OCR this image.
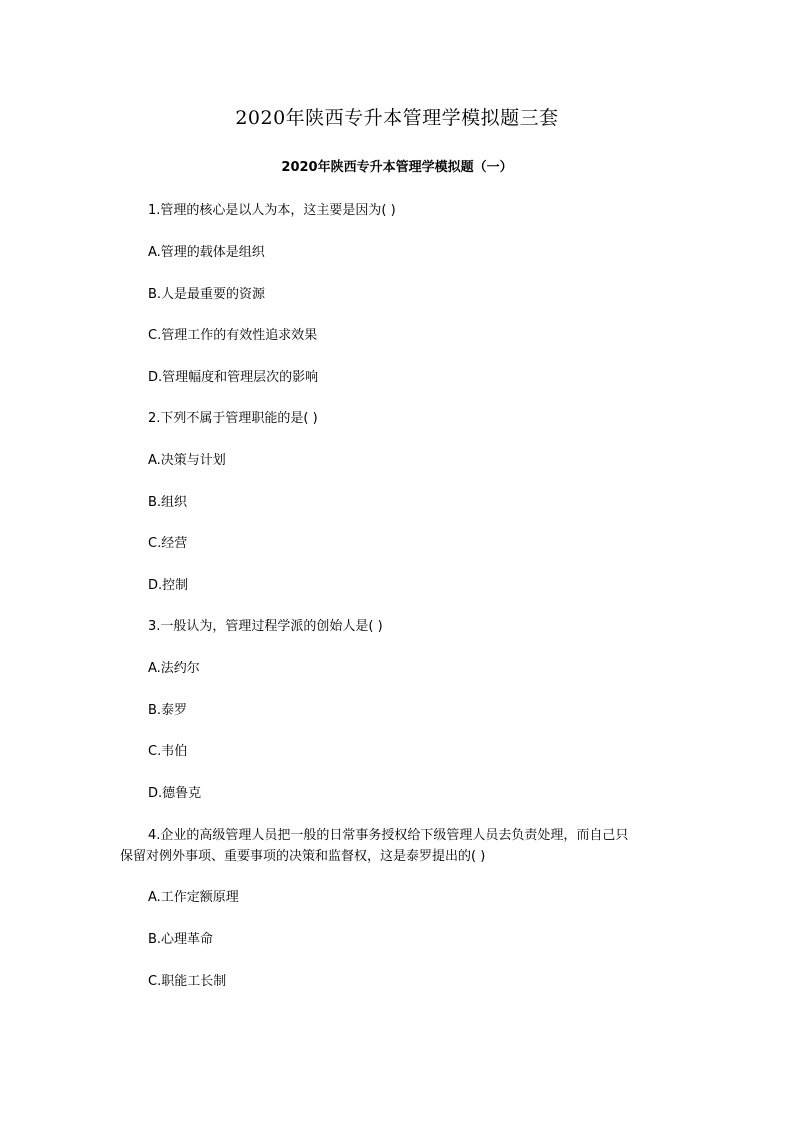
2020年陕西专升本管理学模拟题三套
2020年陕西专升本管理学模拟题（一）
1.管理的核心是以人为本，这主要是因为( )
A.管理的载体是组织
B.人是最重要的资源
C.管理工作的有效性追求效果
D.管理幅度和管理层次的影响
2.下列不属于管理职能的是( )
A.决策与计划
B.组织
C.经营
D.控制
3.一般认为，管理过程学派的创始人是( )
A.法约尔
B.泰罗
C.韦伯
D.德鲁克
4.企业的高级管理人员把一般的日常事务授权给下级管理人员去负责处理，而自己只
保留对例外事项、重要事项的决策和监督权，这是泰罗提出的( )
A.工作定额原理
B.心理革命
C.职能工长制
